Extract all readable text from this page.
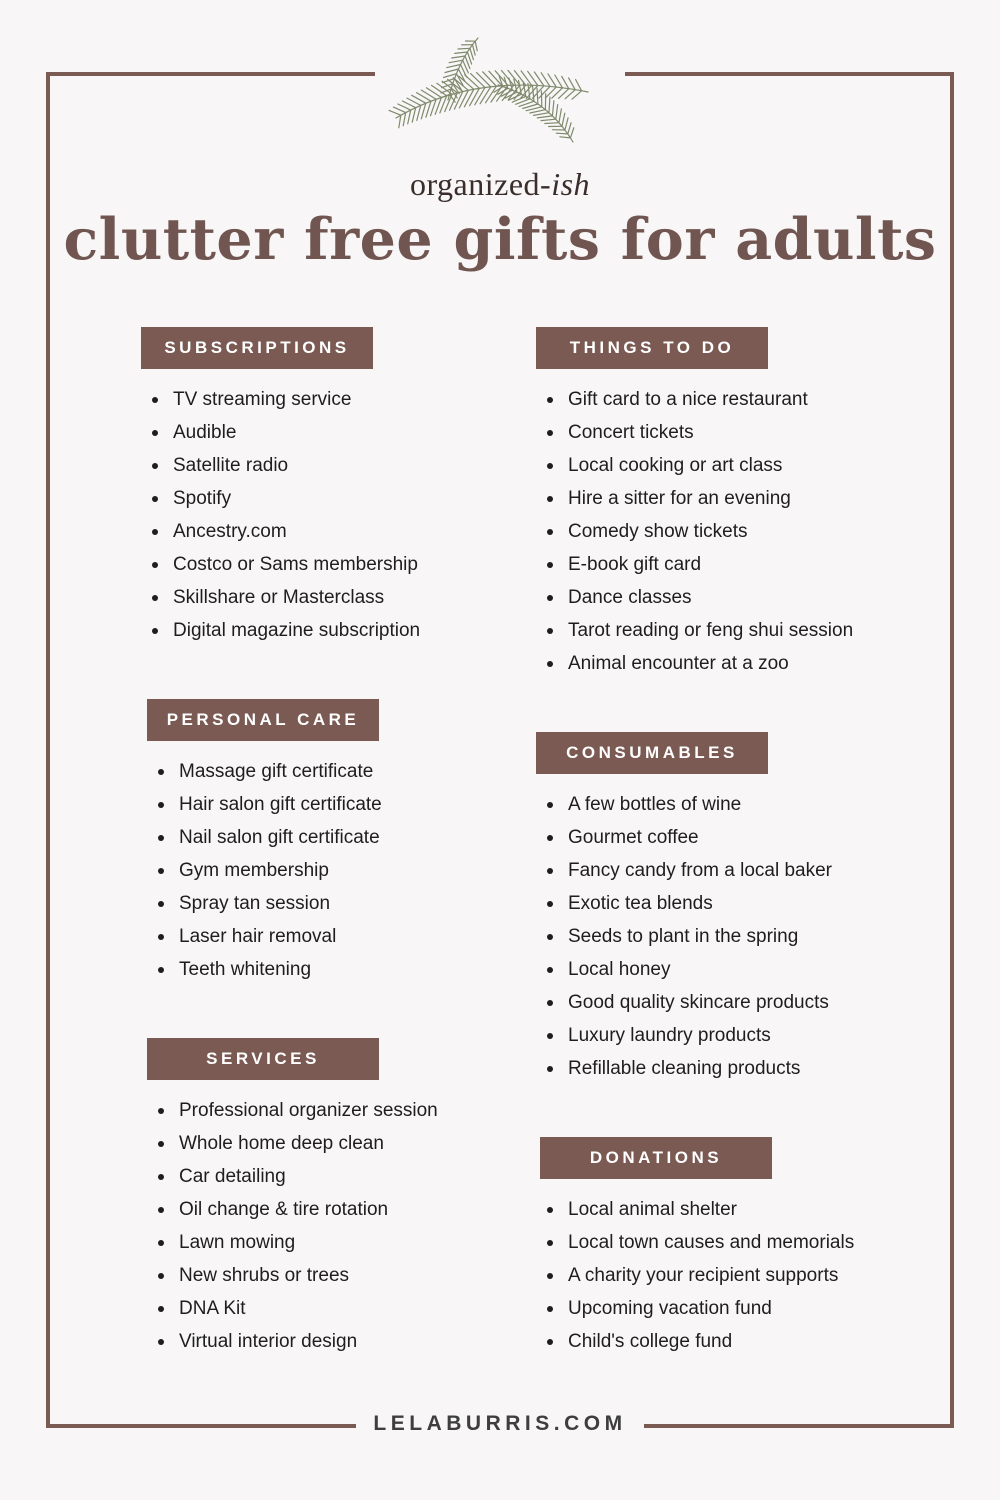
organized-ish
clutter free gifts for adults
SUBSCRIPTIONS
TV streaming service
Audible
Satellite radio
Spotify
Ancestry.com
Costco or Sams membership
Skillshare or Masterclass
Digital magazine subscription
PERSONAL CARE
Massage gift certificate
Hair salon gift certificate
Nail salon gift certificate
Gym membership
Spray tan session
Laser hair removal
Teeth whitening
SERVICES
Professional organizer session
Whole home deep clean
Car detailing
Oil change & tire rotation
Lawn mowing
New shrubs or trees
DNA Kit
Virtual interior design
THINGS TO DO
Gift card to a nice restaurant
Concert tickets
Local cooking or art class
Hire a sitter for an evening
Comedy show tickets
E-book gift card
Dance classes
Tarot reading or feng shui session
Animal encounter at a zoo
CONSUMABLES
A few bottles of wine
Gourmet coffee
Fancy candy from a local baker
Exotic tea blends
Seeds to plant in the spring
Local honey
Good quality skincare products
Luxury laundry products
Refillable cleaning products
DONATIONS
Local animal shelter
Local town causes and memorials
A charity your recipient supports
Upcoming vacation fund
Child's college fund
LELABURRIS.COM
